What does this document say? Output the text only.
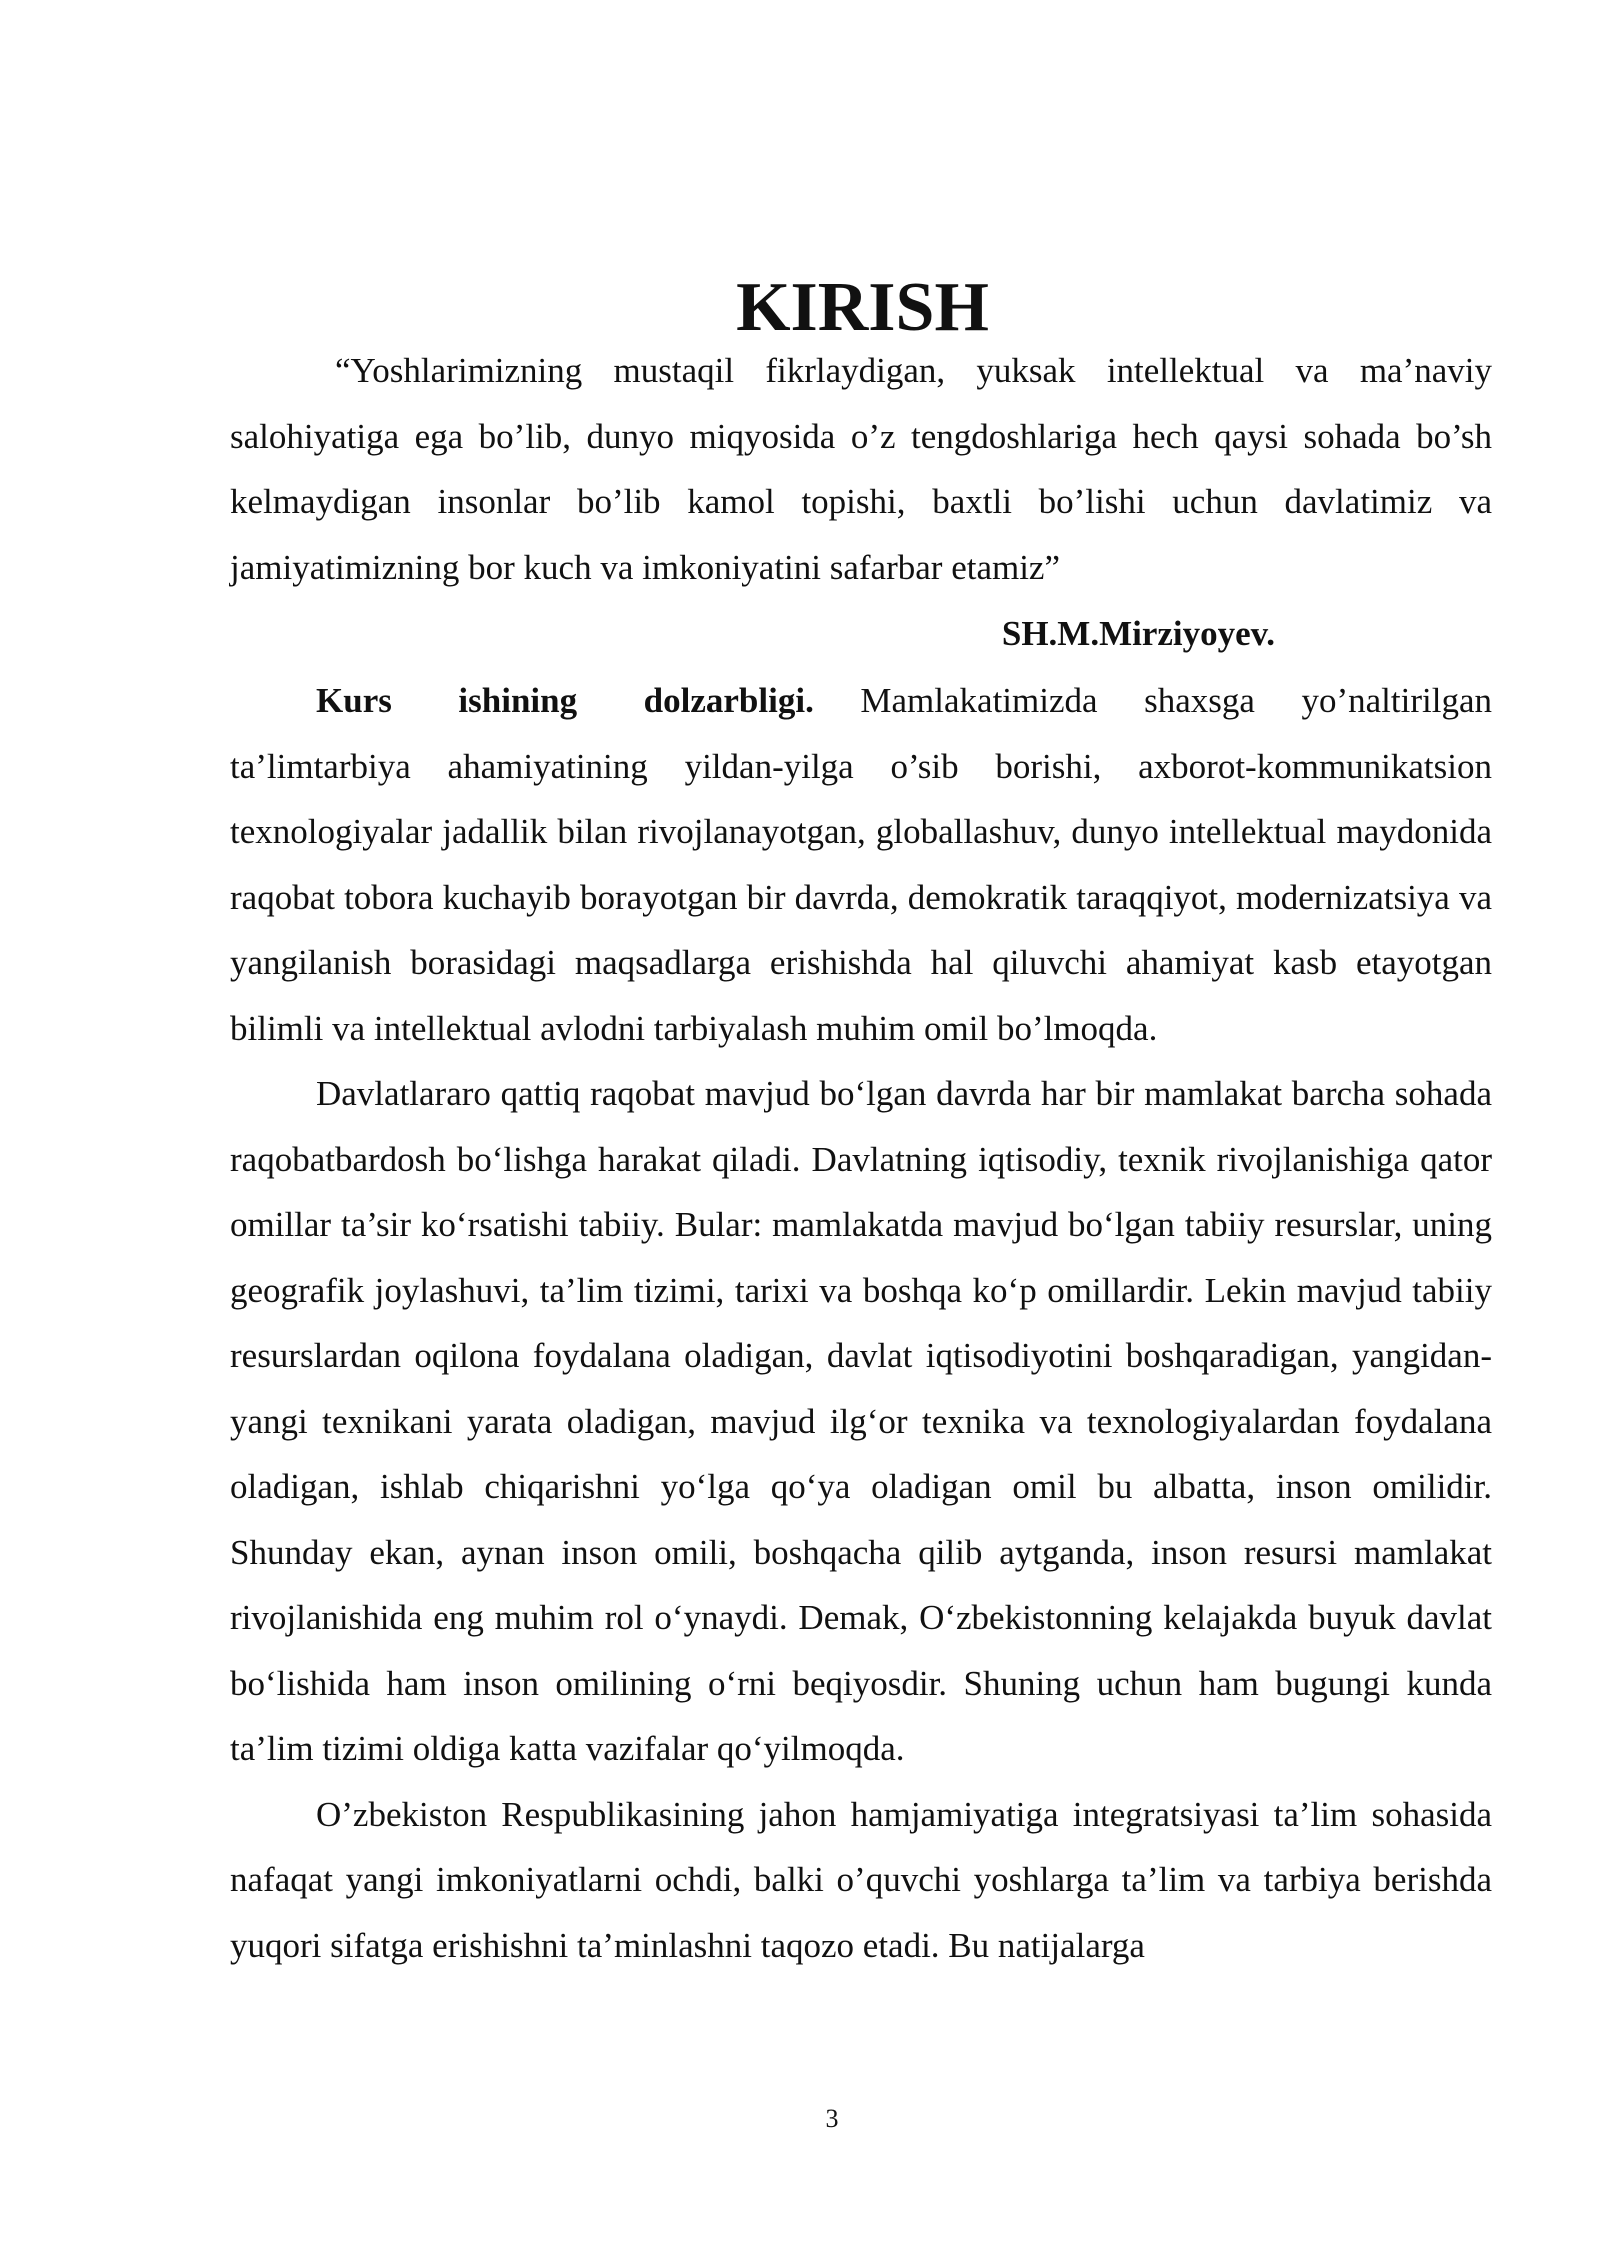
KIRISH

“Yoshlarimizning mustaqil fikrlaydigan, yuksak intellektual va ma’naviy salohiyatiga ega bo’lib, dunyo miqyosida o’z tengdoshlariga hech qaysi sohada bo’sh kelmaydigan insonlar bo’lib kamol topishi, baxtli bo’lishi uchun davlatimiz va jamiyatimizning bor kuch va imkoniyatini safarbar etamiz”

SH.M.Mirziyoyev.

Kurs ishining dolzarbligi. Mamlakatimizda shaxsga yo’naltirilgan ta’limtarbiya ahamiyatining yildan-yilga o’sib borishi, axborot-kommunikatsion texnologiyalar jadallik bilan rivojlanayotgan, globallashuv, dunyo intellektual maydonida raqobat tobora kuchayib borayotgan bir davrda, demokratik taraqqiyot, modernizatsiya va yangilanish borasidagi maqsadlarga erishishda hal qiluvchi ahamiyat kasb etayotgan bilimli va intellektual avlodni tarbiyalash muhim omil bo’lmoqda.

Davlatlararo qattiq raqobat mavjud bo‘lgan davrda har bir mamlakat barcha sohada raqobatbardosh bo‘lishga harakat qiladi. Davlatning iqtisodiy, texnik rivojlanishiga qator omillar ta’sir ko‘rsatishi tabiiy. Bular: mamlakatda mavjud bo‘lgan tabiiy resurslar, uning geografik joylashuvi, ta’lim tizimi, tarixi va boshqa ko‘p omillardir. Lekin mavjud tabiiy resurslardan oqilona foydalana oladigan, davlat iqtisodiyotini boshqaradigan, yangidan-yangi texnikani yarata oladigan, mavjud ilg‘or texnika va texnologiyalardan foydalana oladigan, ishlab chiqarishni yo‘lga qo‘ya oladigan omil bu albatta, inson omilidir. Shunday ekan, aynan inson omili, boshqacha qilib aytganda, inson resursi mamlakat rivojlanishida eng muhim rol o‘ynaydi. Demak, O‘zbekistonning kelajakda buyuk davlat bo‘lishida ham inson omilining o‘rni beqiyosdir. Shuning uchun ham bugungi kunda ta’lim tizimi oldiga katta vazifalar qo‘yilmoqda.

O’zbekiston Respublikasining jahon hamjamiyatiga integratsiyasi ta’lim sohasida nafaqat yangi imkoniyatlarni ochdi, balki o’quvchi yoshlarga ta’lim va tarbiya berishda yuqori sifatga erishishni ta’minlashni taqozo etadi. Bu natijalarga

3
